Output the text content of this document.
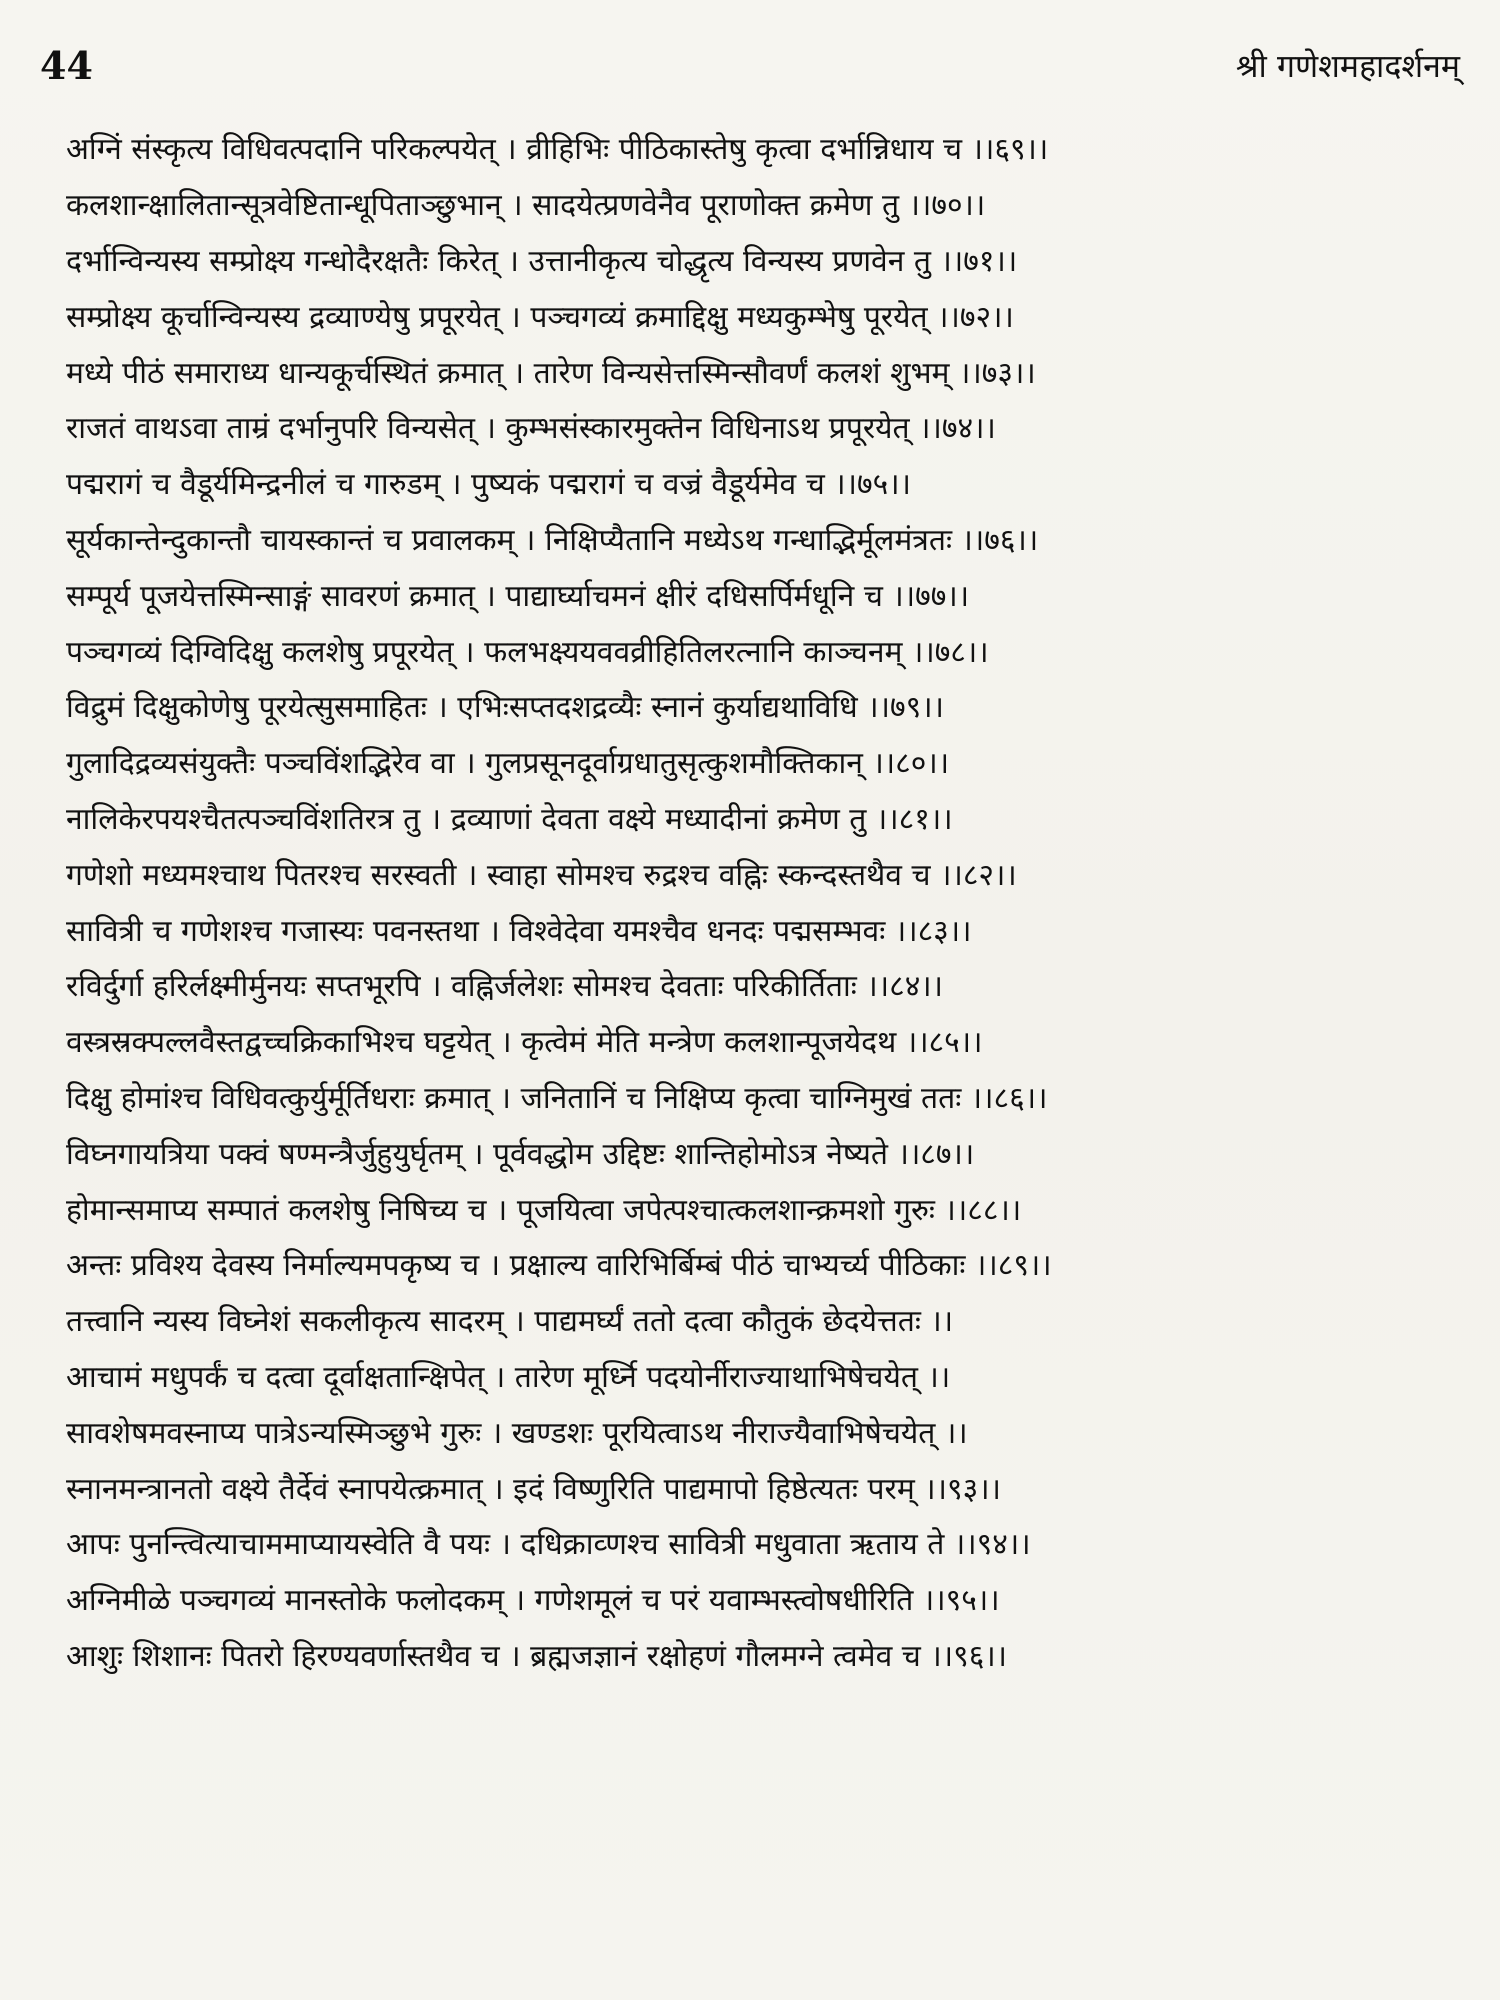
44	श्री गणेशमहादर्शनम्
अग्निं संस्कृत्य विधिवत्पदानि परिकल्पयेत् । व्रीहिभिः पीठिकास्तेषु कृत्वा दर्भान्निधाय च ।।६९।।
कलशान्क्षालितान्सूत्रवेष्टितान्धूपिताञ्छुभान् । सादयेत्प्रणवेनैव पूराणोक्त क्रमेण तु ।।७०।।
दर्भान्विन्यस्य सम्प्रोक्ष्य गन्धोदैरक्षतैः किरेत् । उत्तानीकृत्य चोद्धृत्य विन्यस्य प्रणवेन तु ।।७१।।
सम्प्रोक्ष्य कूर्चान्विन्यस्य द्रव्याण्येषु प्रपूरयेत् । पञ्चगव्यं क्रमाद्दिक्षु मध्यकुम्भेषु पूरयेत् ।।७२।।
मध्ये पीठं समाराध्य धान्यकूर्चस्थितं क्रमात् । तारेण विन्यसेत्तस्मिन्सौवर्णं कलशं शुभम् ।।७३।।
राजतं वाथऽवा ताम्रं दर्भानुपरि विन्यसेत् । कुम्भसंस्कारमुक्तेन विधिनाऽथ प्रपूरयेत् ।।७४।।
पद्मरागं च वैडूर्यमिन्द्रनीलं च गारुडम् । पुष्यकं पद्मरागं च वज्रं वैडूर्यमेव च ।।७५।।
सूर्यकान्तेन्दुकान्तौ चायस्कान्तं च प्रवालकम् । निक्षिप्यैतानि मध्येऽथ गन्धाद्भिर्मूलमंत्रतः ।।७६।।
सम्पूर्य पूजयेत्तस्मिन्साङ्गं सावरणं क्रमात् । पाद्यार्घ्याचमनं क्षीरं दधिसर्पिर्मधूनि च ।।७७।।
पञ्चगव्यं दिग्विदिक्षु कलशेषु प्रपूरयेत् । फलभक्ष्ययववव्रीहितिलरत्नानि काञ्चनम् ।।७८।।
विद्रुमं दिक्षुकोणेषु पूरयेत्सुसमाहितः । एभिःसप्तदशद्रव्यैः स्नानं कुर्याद्यथाविधि ।।७९।।
गुलादिद्रव्यसंयुक्तैः पञ्चविंशद्भिरेव वा । गुलप्रसूनदूर्वाग्रधातुसृत्कुशमौक्तिकान् ।।८०।।
नालिकेरपयश्चैतत्पञ्चविंशतिरत्र तु । द्रव्याणां देवता वक्ष्ये मध्यादीनां क्रमेण तु ।।८१।।
गणेशो मध्यमश्चाथ पितरश्च सरस्वती । स्वाहा सोमश्च रुद्रश्च वह्निः स्कन्दस्तथैव च ।।८२।।
सावित्री च गणेशश्च गजास्यः पवनस्तथा । विश्वेदेवा यमश्चैव धनदः पद्मसम्भवः ।।८३।।
रविर्दुर्गा हरिर्लक्ष्मीर्मुनयः सप्तभूरपि । वह्निर्जलेशः सोमश्च देवताः परिकीर्तिताः ।।८४।।
वस्त्रस्रक्पल्लवैस्तद्वच्चक्रिकाभिश्च घट्टयेत् । कृत्वेमं मेति मन्त्रेण कलशान्पूजयेदथ ।।८५।।
दिक्षु होमांश्च विधिवत्कुर्युर्मूर्तिधराः क्रमात् । जनितानिं च निक्षिप्य कृत्वा चाग्निमुखं ततः ।।८६।।
विघ्नगायत्रिया पक्वं षण्मन्त्रैर्जुहुयुर्घृतम् । पूर्ववद्धोम उद्दिष्टः शान्तिहोमोऽत्र नेष्यते ।।८७।।
होमान्समाप्य सम्पातं कलशेषु निषिच्य च । पूजयित्वा जपेत्पश्चात्कलशान्क्रमशो गुरुः ।।८८।।
अन्तः प्रविश्य देवस्य निर्माल्यमपकृष्य च । प्रक्षाल्य वारिभिर्बिम्बं पीठं चाभ्यर्च्य पीठिकाः ।।८९।।
तत्त्वानि न्यस्य विघ्नेशं सकलीकृत्य सादरम् । पाद्यमर्घ्यं ततो दत्वा कौतुकं छेदयेत्ततः ।।
आचामं मधुपर्कं च दत्वा दूर्वाक्षतान्क्षिपेत् । तारेण मूर्ध्नि पदयोर्नीराज्याथाभिषेचयेत् ।।
सावशेषमवस्नाप्य पात्रेऽन्यस्मिञ्छुभे गुरुः । खण्डशः पूरयित्वाऽथ नीराज्यैवाभिषेचयेत् ।।
स्नानमन्त्रानतो वक्ष्ये तैर्देवं स्नापयेत्क्रमात् । इदं विष्णुरिति पाद्यमापो हिष्ठेत्यतः परम् ।।९३।।
आपः पुनन्त्वित्याचाममाप्यायस्वेति वै पयः । दधिक्राव्णश्च सावित्री मधुवाता ऋताय ते ।।९४।।
अग्निमीळे पञ्चगव्यं मानस्तोके फलोदकम् । गणेशमूलं च परं यवाम्भस्त्वोषधीरिति ।।९५।।
आशुः शिशानः पितरो हिरण्यवर्णास्तथैव च । ब्रह्मजज्ञानं रक्षोहणं गौलमग्ने त्वमेव च ।।९६।।
